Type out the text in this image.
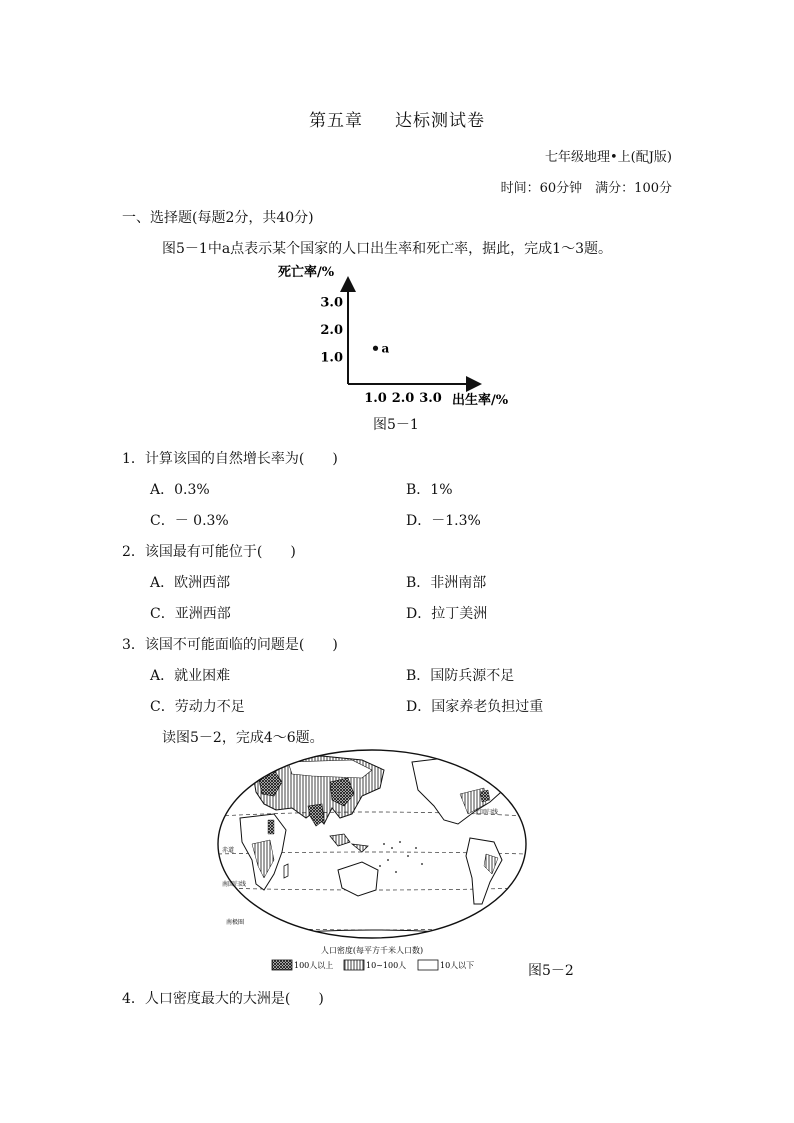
第五章 达标测试卷
七年级地理•上(配J版)
时间：60分钟　满分：100分
一、选择题(每题2分，共40分)
图5－1中a点表示某个国家的人口出生率和死亡率，据此，完成1～3题。
死亡率/%
1.0
2.0
3.0
1.0 2.0 3.0
a
出生率/%
图5－1
1．计算该国的自然增长率为(　　)
A．0.3%	B．1%
C．－ 0.3%	D．－1.3%
2．该国最有可能位于(　　)
A．欧洲西部	B．非洲南部
C．亚洲西部	D．拉丁美洲
3．该国不可能面临的问题是(　　)
A．就业困难	B．国防兵源不足
C．劳动力不足	D．国家养老负担过重
读图5－2，完成4～6题。
北回归线
赤道
南回归线
南极圈
人口密度(每平方千米人口数)
100人以上	10~100人	10人以下	图5－2
4．人口密度最大的大洲是(　　)
